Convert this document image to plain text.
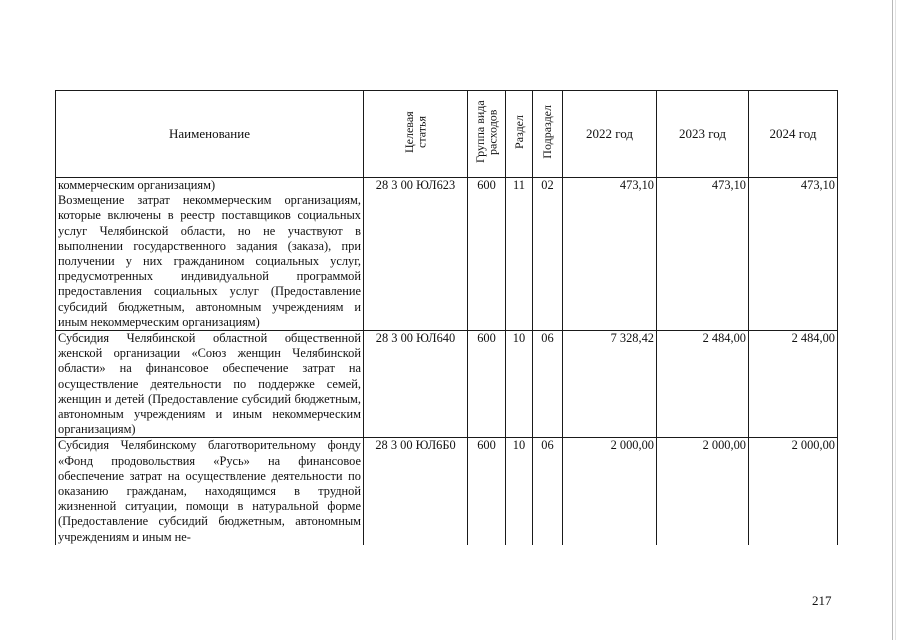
Наименование	Целевая статья	Группа вида расходов	Раздел	Подраздел	2022 год	2023 год	2024 год

коммерческим организациям)

Возмещение затрат некоммерческим организациям, которые включены в реестр поставщиков социальных услуг Челябинской области, но не участвуют в выполнении государственного задания (заказа), при получении у них гражданином социальных услуг, предусмотренных индивидуальной программой предоставления социальных услуг (Предоставление субсидий бюджетным, автономным учреждениям и иным некоммерческим организациям)	28 3 00 ЮЛ623	600	11	02	473,10	473,10	473,10

Субсидия Челябинской областной общественной женской организации «Союз женщин Челябинской области» на финансовое обеспечение затрат на осуществление деятельности по поддержке семей, женщин и детей (Предоставление субсидий бюджетным, автономным учреждениям и иным некоммерческим организациям)	28 3 00 ЮЛ640	600	10	06	7 328,42	2 484,00	2 484,00

Субсидия Челябинскому благотворительному фонду «Фонд продовольствия «Русь» на финансовое обеспечение затрат на осуществление деятельности по оказанию гражданам, находящимся в трудной жизненной ситуации, помощи в натуральной форме (Предоставление субсидий бюджетным, автономным учреждениям и иным не-	28 3 00 ЮЛ6Б0	600	10	06	2 000,00	2 000,00	2 000,00
217
